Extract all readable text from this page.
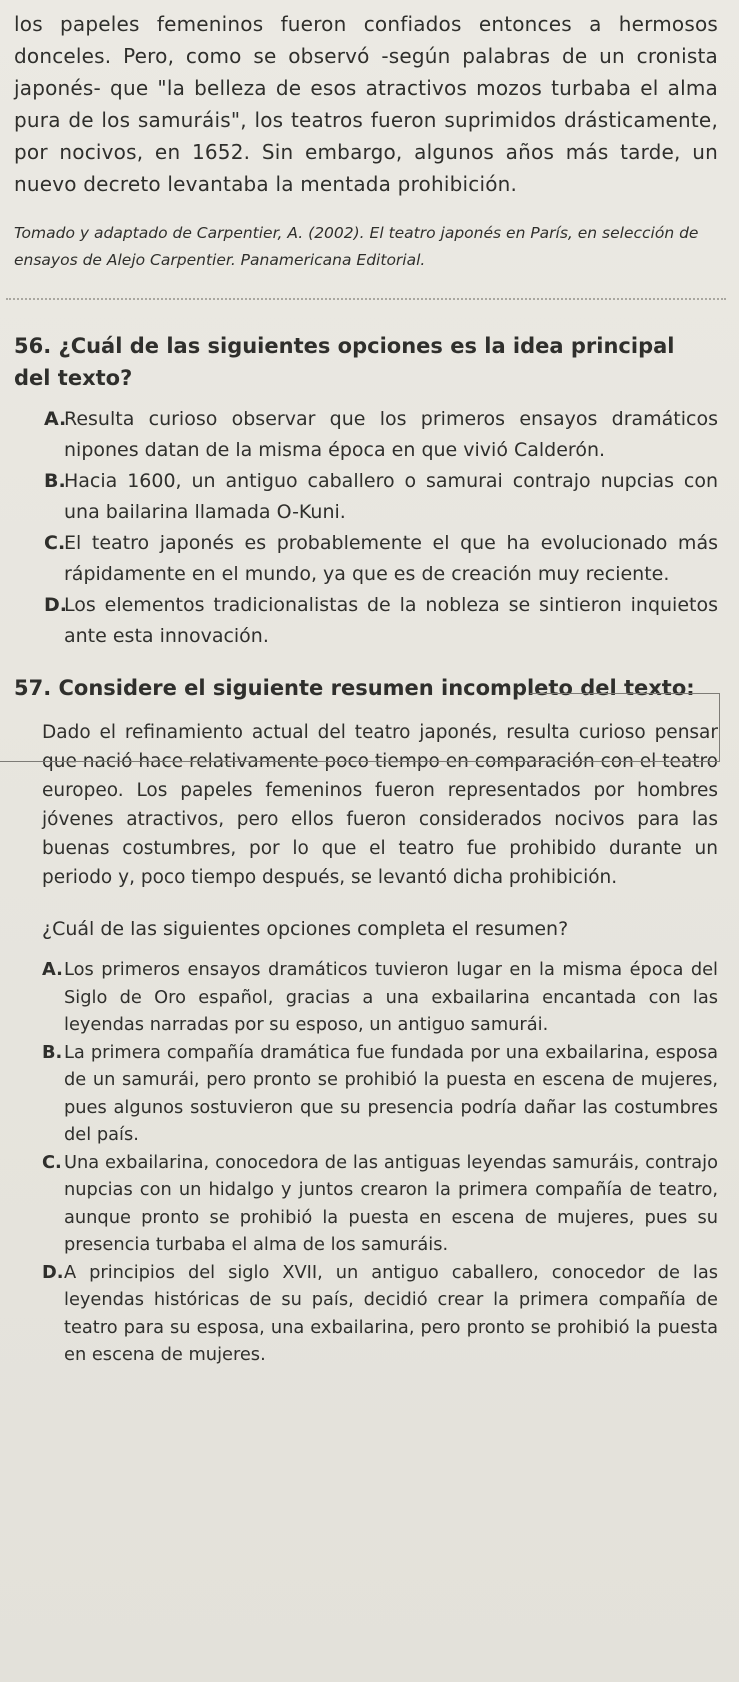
los papeles femeninos fueron confiados entonces a hermosos donceles. Pero, como se observó -según palabras de un cronista japonés- que "la belleza de esos atractivos mozos turbaba el alma pura de los samuráis", los teatros fueron suprimidos drásticamente, por nocivos, en 1652. Sin embargo, algunos años más tarde, un nuevo decreto levantaba la mentada prohibición.

Tomado y adaptado de Carpentier, A. (2002). El teatro japonés en París, en selección de ensayos de Alejo Carpentier. Panamericana Editorial.

56. ¿Cuál de las siguientes opciones es la idea principal del texto?

A.
Resulta curioso observar que los primeros ensayos dramáticos nipones datan de la misma época en que vivió Calderón.
B.
Hacia 1600, un antiguo caballero o samurai contrajo nupcias con una bailarina llamada O-Kuni.
C.
El teatro japonés es probablemente el que ha evolucionado más rápidamente en el mundo, ya que es de creación muy reciente.
D.
Los elementos tradicionalistas de la nobleza se sintieron inquietos ante esta innovación.

57. Considere el siguiente resumen incompleto del texto:

Dado el refinamiento actual del teatro japonés, resulta curioso pensar que nació hace relativamente poco tiempo en comparación con el teatro europeo. Los papeles femeninos fueron representados por hombres jóvenes atractivos, pero ellos fueron considerados nocivos para las buenas costumbres, por lo que el teatro fue prohibido durante un periodo y, poco tiempo después, se levantó dicha prohibición.

¿Cuál de las siguientes opciones completa el resumen?

A. Los primeros ensayos dramáticos tuvieron lugar en la misma época del Siglo de Oro español, gracias a una exbailarina encantada con las leyendas narradas por su esposo, un antiguo samurái.
B. La primera compañía dramática fue fundada por una exbailarina, esposa de un samurái, pero pronto se prohibió la puesta en escena de mujeres, pues algunos sostuvieron que su presencia podría dañar las costumbres del país.
C. Una exbailarina, conocedora de las antiguas leyendas samuráis, contrajo nupcias con un hidalgo y juntos crearon la primera compañía de teatro, aunque pronto se prohibió la puesta en escena de mujeres, pues su presencia turbaba el alma de los samuráis.
D. A principios del siglo XVII, un antiguo caballero, conocedor de las leyendas históricas de su país, decidió crear la primera compañía de teatro para su esposa, una exbailarina, pero pronto se prohibió la puesta en escena de mujeres.
